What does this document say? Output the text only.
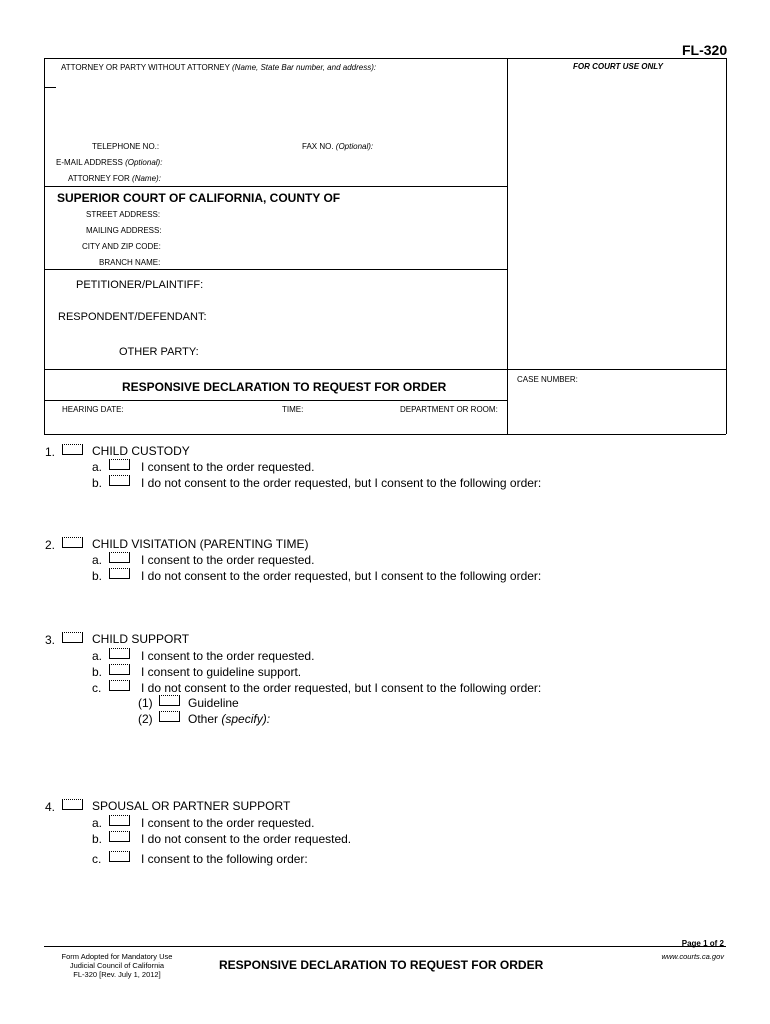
FL-320
ATTORNEY OR PARTY WITHOUT ATTORNEY (Name, State Bar number, and address):
TELEPHONE NO.:	FAX NO. (Optional):
E-MAIL ADDRESS (Optional):
ATTORNEY FOR (Name):
FOR COURT USE ONLY
SUPERIOR COURT OF CALIFORNIA, COUNTY OF
STREET ADDRESS:
MAILING ADDRESS:
CITY AND ZIP CODE:
BRANCH NAME:
PETITIONER/PLAINTIFF:
RESPONDENT/DEFENDANT:
OTHER PARTY:
RESPONSIVE DECLARATION TO REQUEST FOR ORDER
CASE NUMBER:
HEARING DATE:	TIME:	DEPARTMENT OR ROOM:
1.	CHILD CUSTODY
a.	I consent to the order requested.
b.	I do not consent to the order requested, but I consent to the following order:
2.	CHILD VISITATION (PARENTING TIME)
a.	I consent to the order requested.
b.	I do not consent to the order requested, but I consent to the following order:
3.	CHILD SUPPORT
a.	I consent to the order requested.
b.	I consent to guideline support.
c.	I do not consent to the order requested, but I consent to the following order:
(1)	Guideline
(2)	Other (specify):
4.	SPOUSAL OR PARTNER SUPPORT
a.	I consent to the order requested.
b.	I do not consent to the order requested.
c.	I consent to the following order:
Form Adopted for Mandatory Use
Judicial Council of California
FL-320 [Rev. July 1, 2012]
RESPONSIVE DECLARATION TO REQUEST FOR ORDER
Page 1 of 2
www.courts.ca.gov
